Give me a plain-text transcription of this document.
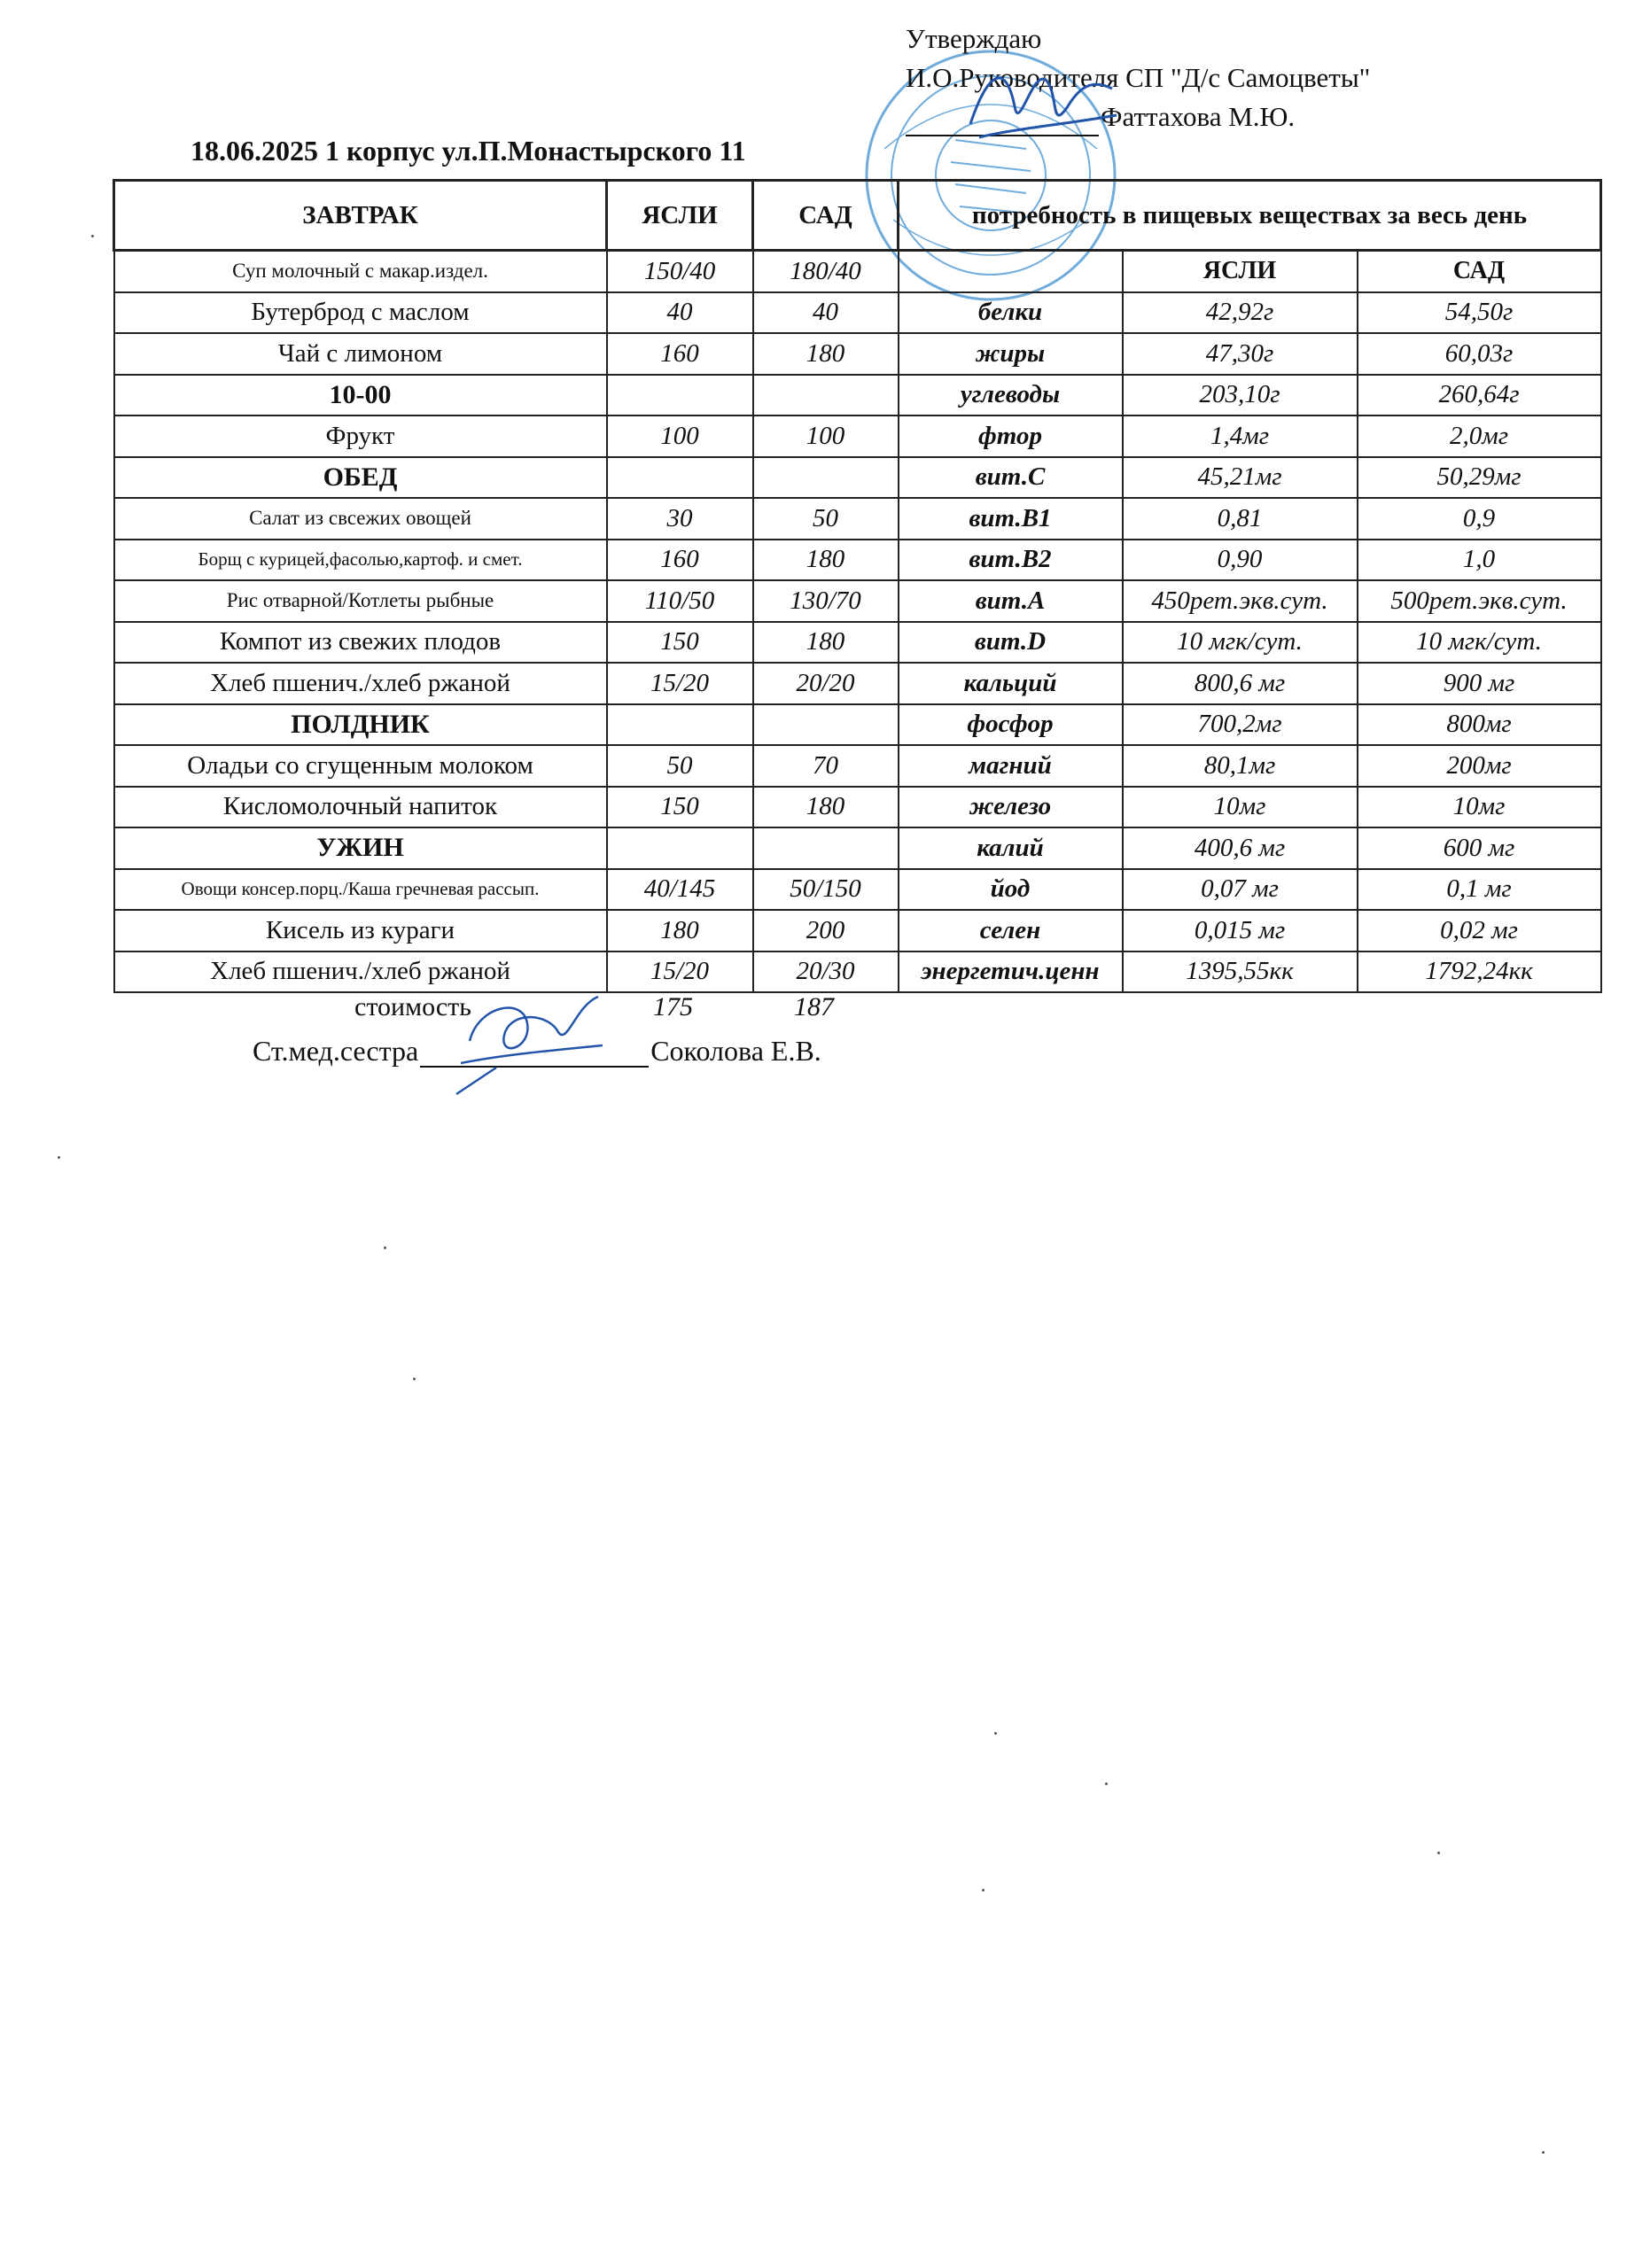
Утверждаю
И.О.Руководителя СП "Д/с Самоцветы"
Фаттахова М.Ю.
18.06.2025 1 корпус ул.П.Монастырского 11
ЗАВТРАК	ЯСЛИ	САД	потребность в пищевых веществах за весь день		
Суп молочный с макар.издел.	150/40	180/40		ЯСЛИ	САД
Бутерброд с маслом	40	40	белки	42,92г	54,50г
Чай с лимоном	160	180	жиры	47,30г	60,03г
10-00			углеводы	203,10г	260,64г
Фрукт	100	100	фтор	1,4мг	2,0мг
ОБЕД			вит.С	45,21мг	50,29мг
Салат из свсежих овощей	30	50	вит.В1	0,81	0,9
Борщ с курицей,фасолью,картоф. и смет.	160	180	вит.В2	0,90	1,0
Рис отварной/Котлеты рыбные	110/50	130/70	вит.А	450рет.экв.сут.	500рет.экв.сут.
Компот из свежих плодов	150	180	вит.D	10 мгк/сут.	10 мгк/сут.
Хлеб пшенич./хлеб ржаной	15/20	20/20	кальций	800,6 мг	900 мг
ПОЛДНИК			фосфор	700,2мг	800мг
Оладьи со сгущенным молоком	50	70	магний	80,1мг	200мг
Кисломолочный напиток	150	180	железо	10мг	10мг
УЖИН			калий	400,6 мг	600 мг
Овощи консер.порц./Каша гречневая рассып.	40/145	50/150	йод	0,07 мг	0,1 мг
Кисель из кураги	180	200	селен	0,015 мг	0,02 мг
Хлеб пшенич./хлеб ржаной	15/20	20/30	энергетич.ценн	1395,55кк	1792,24кк
стоимость	175	187
Ст.мед.сестра	Соколова Е.В.
